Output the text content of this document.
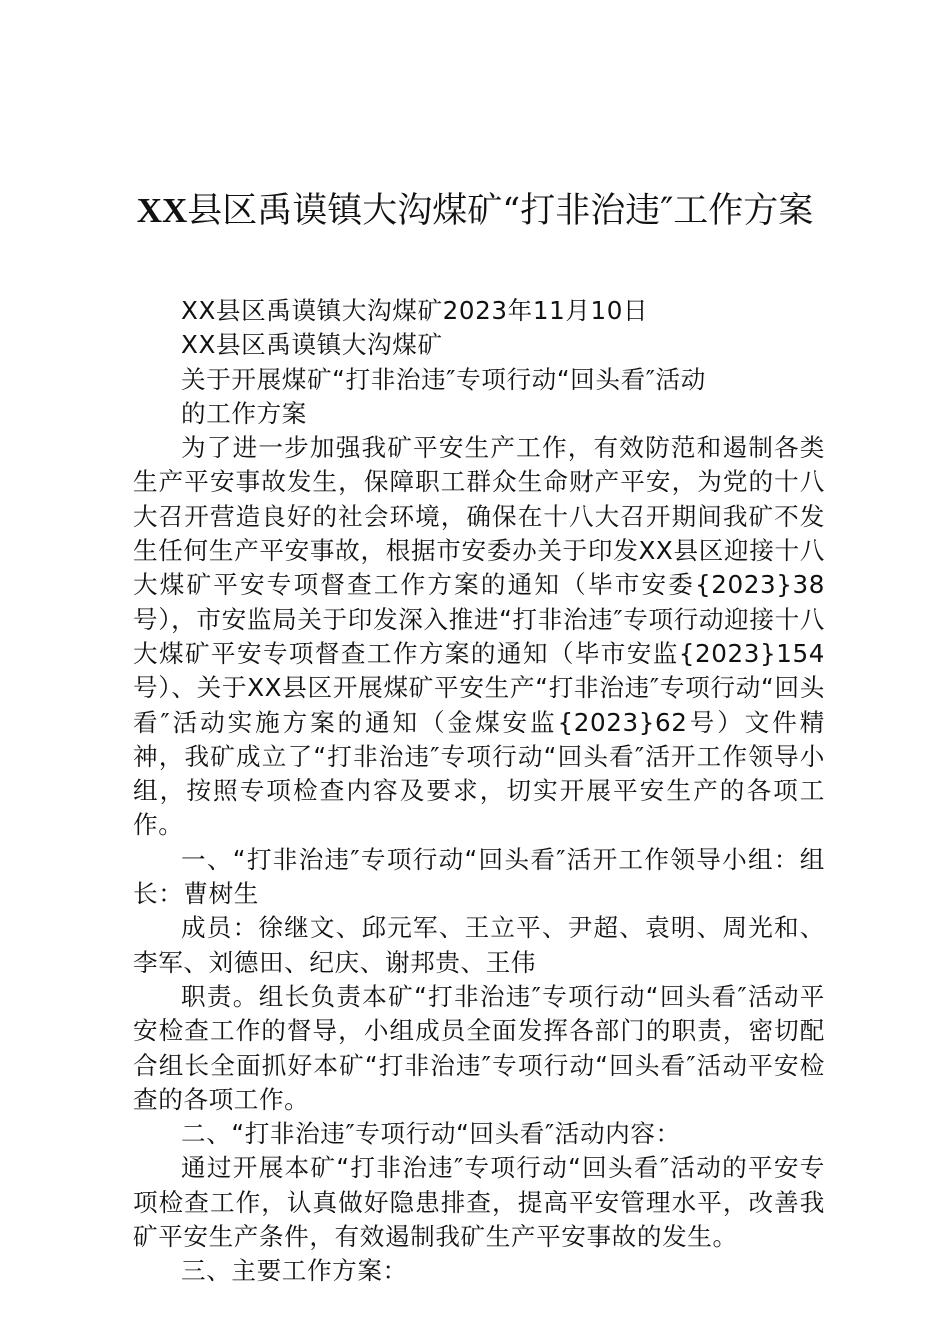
XX县区禹谟镇大沟煤矿“打非治违″工作方案
XX县区禹谟镇大沟煤矿2023年11月10日
XX县区禹谟镇大沟煤矿
关于开展煤矿“打非治违″专项行动“回头看″活动
的工作方案

为了进一步加强我矿平安生产工作，有效防范和遏制各类生产平安事故发生，保障职工群众生命财产平安，为党的十八大召开营造良好的社会环境，确保在十八大召开期间我矿不发生任何生产平安事故，根据市安委办关于印发XX县区迎接十八大煤矿平安专项督查工作方案的通知（毕市安委{2023}38号），市安监局关于印发深入推进“打非治违″专项行动迎接十八大煤矿平安专项督查工作方案的通知（毕市安监{2023}154号）、关于XX县区开展煤矿平安生产“打非治违″专项行动“回头看″活动实施方案的通知（金煤安监{2023}62号）文件精神，我矿成立了“打非治违″专项行动“回头看″活开工作领导小组，按照专项检查内容及要求，切实开展平安生产的各项工作。

一、“打非治违″专项行动“回头看″活开工作领导小组：组长：曹树生

成员：徐继文、邱元军、王立平、尹超、袁明、周光和、李军、刘德田、纪庆、谢邦贵、王伟

职责。组长负责本矿“打非治违″专项行动“回头看″活动平安检查工作的督导，小组成员全面发挥各部门的职责，密切配合组长全面抓好本矿“打非治违″专项行动“回头看″活动平安检查的各项工作。

二、“打非治违″专项行动“回头看″活动内容：

通过开展本矿“打非治违″专项行动“回头看″活动的平安专项检查工作，认真做好隐患排查，提高平安管理水平，改善我矿平安生产条件，有效遏制我矿生产平安事故的发生。

三、主要工作方案：
